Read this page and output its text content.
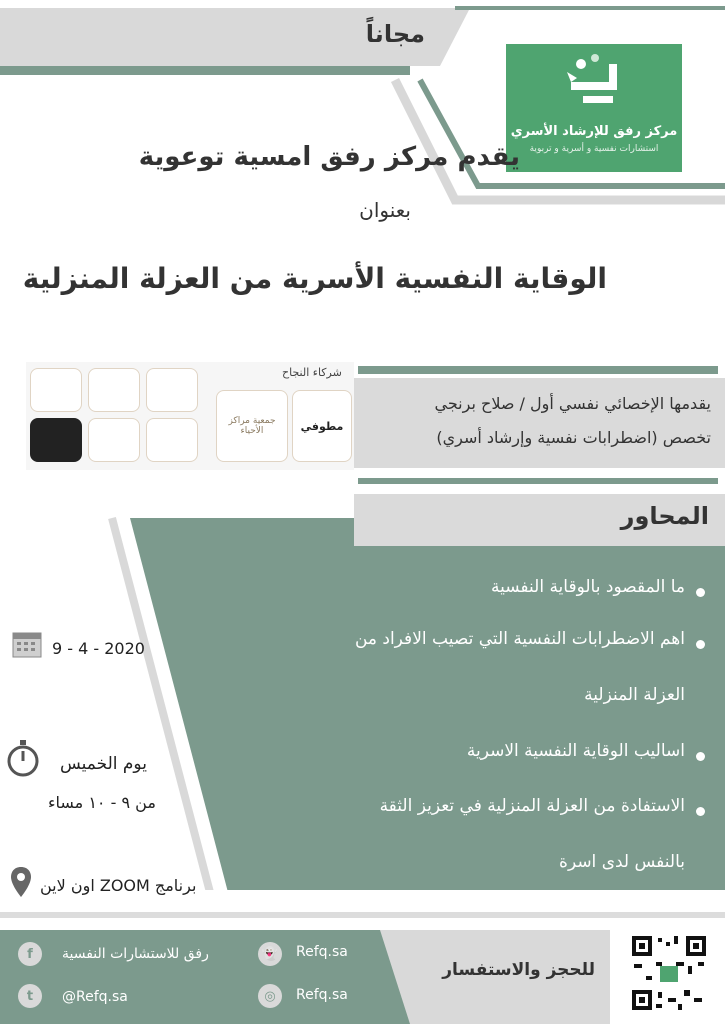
مجاناً
مركز رفق للإرشاد الأسري
استشارات نفسية و أسرية و تربوية
يقدم مركز رفق امسية توعوية
بعنوان
الوقاية النفسية الأسرية من العزلة المنزلية
شركاء النجاح
جمعية مراكز الأحياء	مطوفي
يقدمها الإخصائي نفسي أول / صلاح برنجي
تخصص (اضطرابات نفسية وإرشاد أسري)
المحاور
ما المقصود بالوقاية النفسية
اهم الاضطرابات النفسية التي تصيب الافراد من
العزلة المنزلية
اساليب الوقاية النفسية الاسرية
الاستفادة من العزلة المنزلية في تعزيز الثقة
بالنفس لدى اسرة
9 - 4 - 2020
يوم الخميس
من ٩ - ١٠ مساء
برنامج ZOOM اون لاين
للحجز والاستفسار
👻 Refq.sa
◎	Refq.sa
f	رفق للاستشارات النفسية
t	@Refq.sa
